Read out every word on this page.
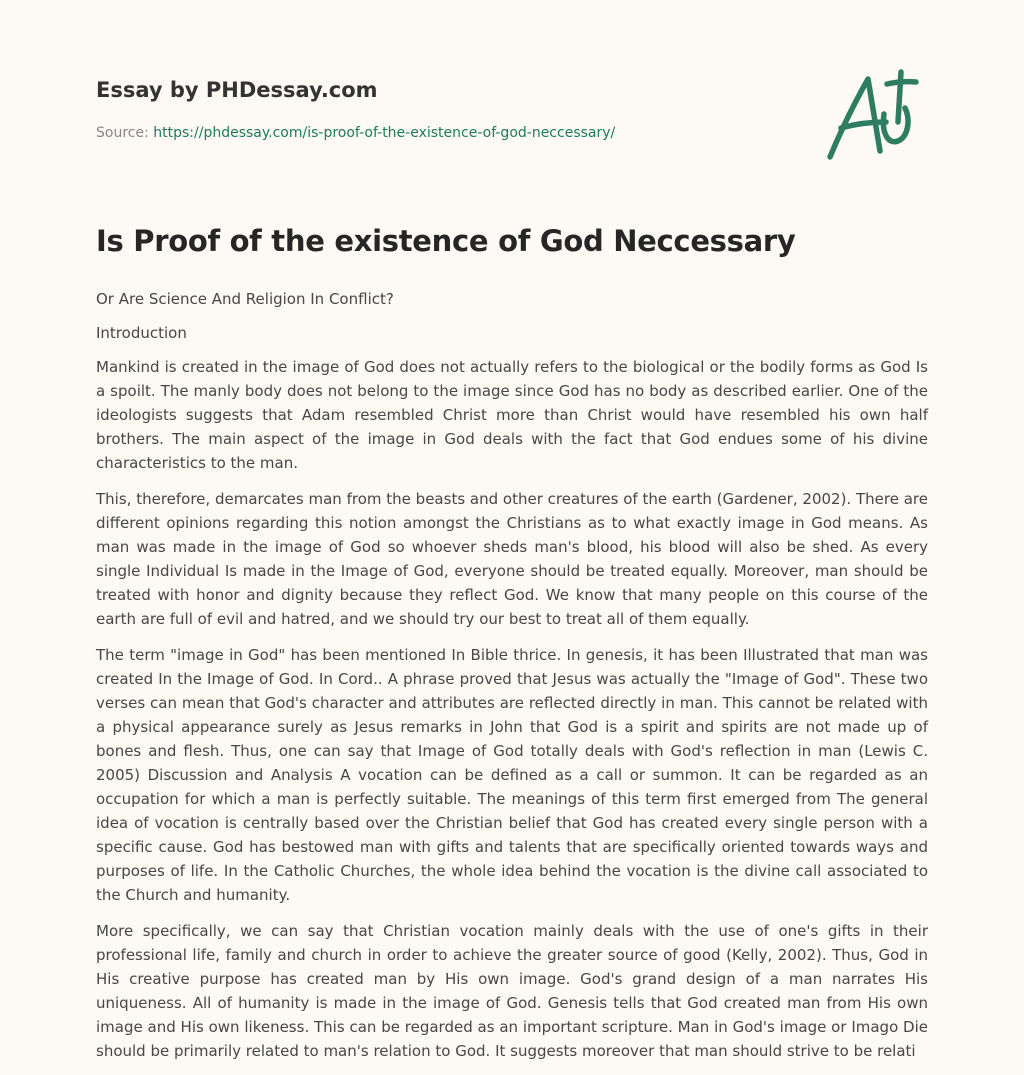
Essay by PHDessay.com
Source: https://phdessay.com/is-proof-of-the-existence-of-god-neccessary/
Is Proof of the existence of God Neccessary

Or Are Science And Religion In Conflict?

Introduction

Mankind is created in the image of God does not actually refers to the biological or the bodily forms as God Is a spoilt. The manly body does not belong to the image since God has no body as described earlier. One of the ideologists suggests that Adam resembled Christ more than Christ would have resembled his own half brothers. The main aspect of the image in God deals with the fact that God endues some of his divine characteristics to the man.

This, therefore, demarcates man from the beasts and other creatures of the earth (Gardener, 2002). There are different opinions regarding this notion amongst the Christians as to what exactly image in God means. As man was made in the image of God so whoever sheds man's blood, his blood will also be shed. As every single Individual Is made in the Image of God, everyone should be treated equally. Moreover, man should be treated with honor and dignity because they reflect God. We know that many people on this course of the earth are full of evil and hatred, and we should try our best to treat all of them equally.

The term "image in God" has been mentioned In Bible thrice. In genesis, it has been Illustrated that man was created In the Image of God. In Cord.. A phrase proved that Jesus was actually the "Image of God". These two verses can mean that God's character and attributes are reflected directly in man. This cannot be related with a physical appearance surely as Jesus remarks in John that God is a spirit and spirits are not made up of bones and flesh. Thus, one can say that Image of God totally deals with God's reflection in man (Lewis C. 2005) Discussion and Analysis A vocation can be defined as a call or summon. It can be regarded as an occupation for which a man is perfectly suitable. The meanings of this term first emerged from The general idea of vocation is centrally based over the Christian belief that God has created every single person with a specific cause. God has bestowed man with gifts and talents that are specifically oriented towards ways and purposes of life. In the Catholic Churches, the whole idea behind the vocation is the divine call associated to the Church and humanity.

More specifically, we can say that Christian vocation mainly deals with the use of one's gifts in their professional life, family and church in order to achieve the greater source of good (Kelly, 2002). Thus, God in His creative purpose has created man by His own image. God's grand design of a man narrates His uniqueness. All of humanity is made in the image of God. Genesis tells that God created man from His own image and His own likeness. This can be regarded as an important scripture. Man in God's image or Imago Die should be primarily related to man's relation to God. It suggests moreover that man should strive to be relati
